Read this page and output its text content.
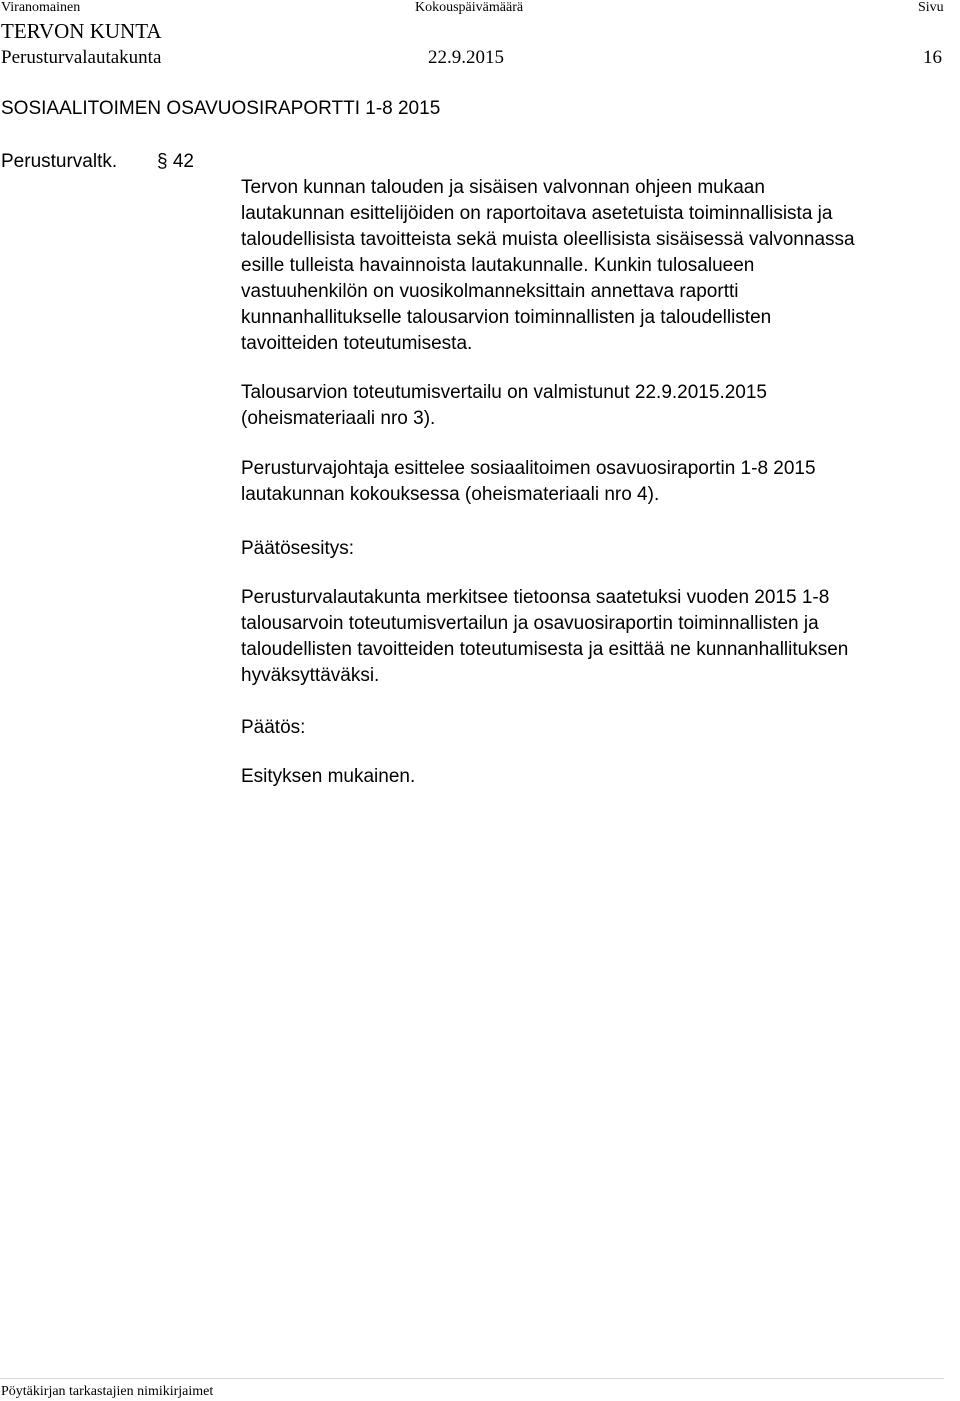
Viranomainen	Kokouspäivämäärä	Sivu
TERVON KUNTA
Perusturvalautakunta	22.9.2015	16
SOSIAALITOIMEN OSAVUOSIRAPORTTI 1-8 2015
Perusturvaltk. § 42
Tervon kunnan talouden ja sisäisen valvonnan ohjeen mukaan
lautakunnan esittelijöiden on raportoitava asetetuista toiminnallisista ja
taloudellisista tavoitteista sekä muista oleellisista sisäisessä valvonnassa
esille tulleista havainnoista lautakunnalle. Kunkin tulosalueen
vastuuhenkilön on vuosikolmanneksittain annettava raportti
kunnanhallitukselle talousarvion toiminnallisten ja taloudellisten
tavoitteiden toteutumisesta.
Talousarvion toteutumisvertailu on valmistunut 22.9.2015.2015
(oheismateriaali nro 3).
Perusturvajohtaja esittelee sosiaalitoimen osavuosiraportin 1-8 2015
lautakunnan kokouksessa (oheismateriaali nro 4).
Päätösesitys:
Perusturvalautakunta merkitsee tietoonsa saatetuksi vuoden 2015 1-8
talousarvoin toteutumisvertailun ja osavuosiraportin toiminnallisten ja
taloudellisten tavoitteiden toteutumisesta ja esittää ne kunnanhallituksen
hyväksyttäväksi.
Päätös:
Esityksen mukainen.
Pöytäkirjan tarkastajien nimikirjaimet
